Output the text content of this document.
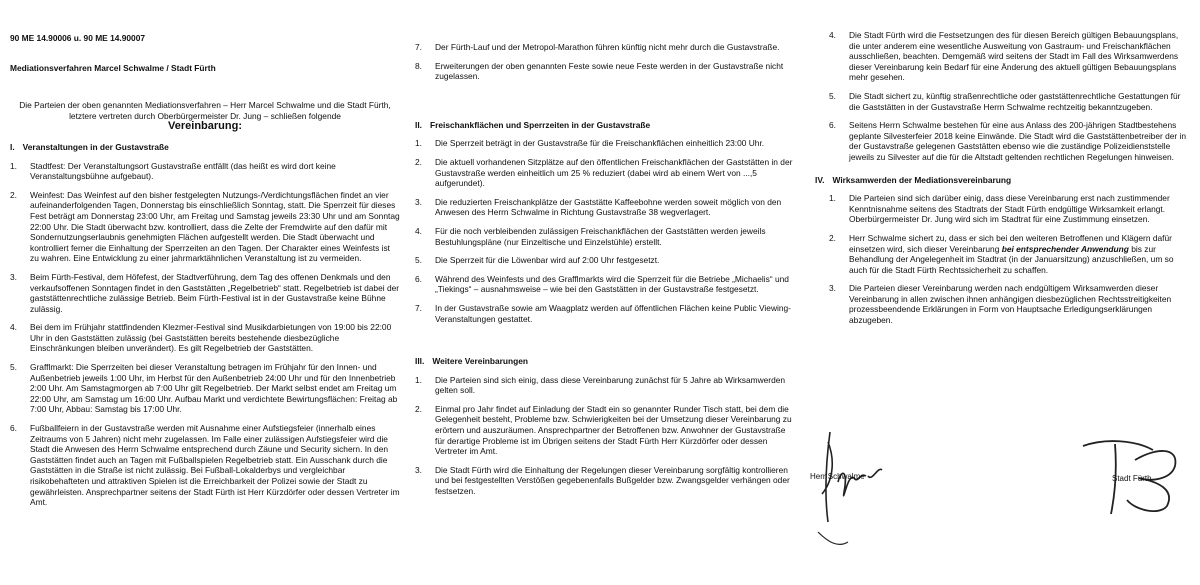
90 ME 14.90006 u. 90 ME 14.90007
Mediationsverfahren Marcel Schwalme / Stadt Fürth
Die Parteien der oben genannten Mediationsverfahren – Herr Marcel Schwalme und die Stadt Fürth, letztere vertreten durch Oberbürgermeister Dr. Jung – schließen folgende
Vereinbarung:
I. Veranstaltungen in der Gustavstraße
1.	Stadtfest: Der Veranstaltungsort Gustavstraße entfällt (das heißt es wird dort keine Veranstaltungsbühne aufgebaut).
2.	Weinfest: Das Weinfest auf den bisher festgelegten Nutzungs-/Verdichtungsflächen findet an vier aufeinanderfolgenden Tagen, Donnerstag bis einschließlich Sonntag, statt. Die Sperrzeit für dieses Fest beträgt am Donnerstag 23:00 Uhr, am Freitag und Samstag jeweils 23:30 Uhr und am Sonntag 22:00 Uhr. Die Stadt überwacht bzw. kontrolliert, dass die Zelte der Fremdwirte auf den dafür mit Sondernutzungserlaubnis genehmigten Flächen aufgestellt werden. Die Stadt überwacht und kontrolliert ferner die Einhaltung der Sperrzeiten an den Tagen. Der Charakter eines Weinfests ist zu wahren. Eine Entwicklung zu einer jahrmarktähnlichen Veranstaltung ist zu vermeiden.
3.	Beim Fürth-Festival, dem Höfefest, der Stadtverführung, dem Tag des offenen Denkmals und den verkaufsoffenen Sonntagen findet in den Gaststätten „Regelbetrieb“ statt. Regelbetrieb ist dabei der gaststättenrechtliche zulässige Betrieb. Beim Fürth-Festival ist in der Gustavstraße keine Bühne zulässig.
4.	Bei dem im Frühjahr stattfindenden Klezmer-Festival sind Musikdarbietungen von 19:00 bis 22:00 Uhr in den Gaststätten zulässig (bei Gaststätten bereits bestehende diesbezügliche Einschränkungen bleiben unverändert). Es gilt Regelbetrieb der Gaststätten.
5.	Grafflmarkt: Die Sperrzeiten bei dieser Veranstaltung betragen im Frühjahr für den Innen- und Außenbetrieb jeweils 1:00 Uhr, im Herbst für den Außenbetrieb 24:00 Uhr und für den Innenbetrieb 2:00 Uhr. Am Samstagmorgen ab 7:00 Uhr gilt Regelbetrieb. Der Markt selbst endet am Freitag um 22:00 Uhr, am Samstag um 16:00 Uhr. Aufbau Markt und verdichtete Bewirtungsflächen: Freitag ab 7:00 Uhr, Abbau: Samstag bis 17:00 Uhr.
6.	Fußballfeiern in der Gustavstraße werden mit Ausnahme einer Aufstiegsfeier (innerhalb eines Zeitraums von 5 Jahren) nicht mehr zugelassen. Im Falle einer zulässigen Aufstiegsfeier wird die Stadt die Anwesen des Herrn Schwalme entsprechend durch Zäune und Security sichern. In den Gaststätten findet auch an Tagen mit Fußballspielen Regelbetrieb statt. Ein Ausschank durch die Gaststätten in die Straße ist nicht zulässig. Bei Fußball-Lokalderbys und vergleichbar risikobehafteten und attraktiven Spielen ist die Erreichbarkeit der Polizei sowie der Stadt zu gewährleisten. Ansprechpartner seitens der Stadt Fürth ist Herr Kürzdörfer oder dessen Vertreter im Amt.
7.	Der Fürth-Lauf und der Metropol-Marathon führen künftig nicht mehr durch die Gustavstraße.
8.	Erweiterungen der oben genannten Feste sowie neue Feste werden in der Gustavstraße nicht zugelassen.
II. Freischankflächen und Sperrzeiten in der Gustavstraße
1.	Die Sperrzeit beträgt in der Gustavstraße für die Freischankflächen einheitlich 23:00 Uhr.
2.	Die aktuell vorhandenen Sitzplätze auf den öffentlichen Freischankflächen der Gaststätten in der Gustavstraße werden einheitlich um 25 % reduziert (dabei wird ab einem Wert von ...,5 aufgerundet).
3.	Die reduzierten Freischankplätze der Gaststätte Kaffeebohne werden soweit möglich von den Anwesen des Herrn Schwalme in Richtung Gustavstraße 38 wegverlagert.
4.	Für die noch verbleibenden zulässigen Freischankflächen der Gaststätten werden jeweils Bestuhlungspläne (nur Einzeltische und Einzelstühle) erstellt.
5.	Die Sperrzeit für die Löwenbar wird auf 2:00 Uhr festgesetzt.
6.	Während des Weinfests und des Grafflmarkts wird die Sperrzeit für die Betriebe „Michaelis“ und „Tiekings“ – ausnahmsweise – wie bei den Gaststätten in der Gustavstraße festgesetzt.
7.	In der Gustavstraße sowie am Waagplatz werden auf öffentlichen Flächen keine Public Viewing-Veranstaltungen gestattet.
III. Weitere Vereinbarungen
1.	Die Parteien sind sich einig, dass diese Vereinbarung zunächst für 5 Jahre ab Wirksamwerden gelten soll.
2.	Einmal pro Jahr findet auf Einladung der Stadt ein so genannter Runder Tisch statt, bei dem die Gelegenheit besteht, Probleme bzw. Schwierigkeiten bei der Umsetzung dieser Vereinbarung zu erörtern und auszuräumen. Ansprechpartner der Betroffenen bzw. Anwohner der Gustavstraße für derartige Probleme ist im Übrigen seitens der Stadt Fürth Herr Kürzdörfer oder dessen Vertreter im Amt.
3.	Die Stadt Fürth wird die Einhaltung der Regelungen dieser Vereinbarung sorgfältig kontrollieren und bei festgestellten Verstößen gegebenenfalls Bußgelder bzw. Zwangsgelder verhängen oder festsetzen.
4.	Die Stadt Fürth wird die Festsetzungen des für diesen Bereich gültigen Bebauungsplans, die unter anderem eine wesentliche Ausweitung von Gastraum- und Freischankflächen ausschließen, beachten. Demgemäß wird seitens der Stadt im Fall des Wirksamwerdens dieser Vereinbarung kein Bedarf für eine Änderung des aktuell gültigen Bebauungsplans mehr gesehen.
5.	Die Stadt sichert zu, künftig straßenrechtliche oder gaststättenrechtliche Gestattungen für die Gaststätten in der Gustavstraße Herrn Schwalme rechtzeitig bekanntzugeben.
6.	Seitens Herrn Schwalme bestehen für eine aus Anlass des 200-jährigen Stadtbestehens geplante Silvesterfeier 2018 keine Einwände. Die Stadt wird die Gaststättenbetreiber der in der Gustavstraße gelegenen Gaststätten ebenso wie die zuständige Polizeidienststelle jeweils zu Silvester auf die für die Altstadt geltenden rechtlichen Regelungen hinweisen.
IV. Wirksamwerden der Mediationsvereinbarung
1.	Die Parteien sind sich darüber einig, dass diese Vereinbarung erst nach zustimmender Kenntnisnahme seitens des Stadtrats der Stadt Fürth endgültige Wirksamkeit erlangt. Oberbürgermeister Dr. Jung wird sich im Stadtrat für eine Zustimmung einsetzen.
2.	Herr Schwalme sichert zu, dass er sich bei den weiteren Betroffenen und Klägern dafür einsetzen wird, sich dieser Vereinbarung bei entsprechender Anwendung bis zur Behandlung der Angelegenheit im Stadtrat (in der Januarsitzung) anzuschließen, um so auch für die Stadt Fürth Rechtssicherheit zu schaffen.
3.	Die Parteien dieser Vereinbarung werden nach endgültigem Wirksamwerden dieser Vereinbarung in allen zwischen ihnen anhängigen diesbezüglichen Rechtsstreitigkeiten prozessbeendende Erklärungen in Form von Hauptsache Erledigungserklärungen abzugeben.
Herr Schwalme	Stadt Fürth
